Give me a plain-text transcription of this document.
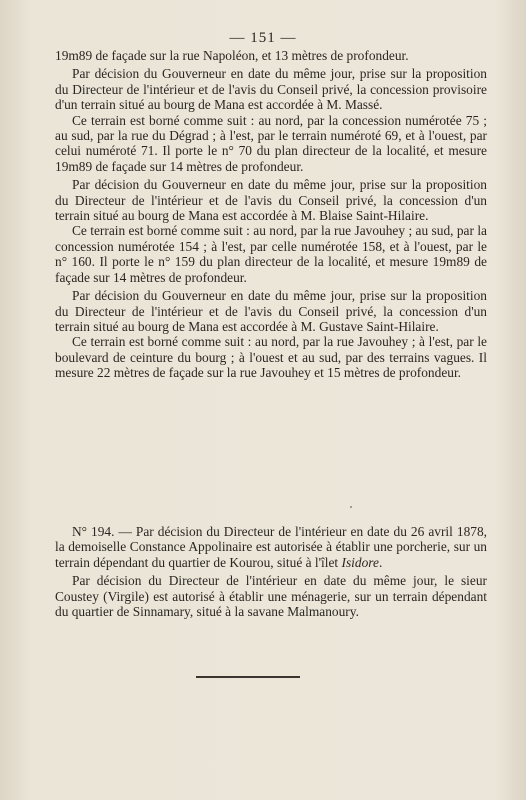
— 151 —

19m89 de façade sur la rue Napoléon, et 13 mètres de profondeur.

Par décision du Gouverneur en date du même jour, prise sur la proposition du Directeur de l'intérieur et de l'avis du Conseil privé, la concession provisoire d'un terrain situé au bourg de Mana est accordée à M. Massé.

Ce terrain est borné comme suit : au nord, par la concession numérotée 75 ; au sud, par la rue du Dégrad ; à l'est, par le terrain numéroté 69, et à l'ouest, par celui numéroté 71. Il porte le n° 70 du plan directeur de la localité, et mesure 19m89 de façade sur 14 mètres de profondeur.

Par décision du Gouverneur en date du même jour, prise sur la proposition du Directeur de l'intérieur et de l'avis du Conseil privé, la concession d'un terrain situé au bourg de Mana est accordée à M. Blaise Saint-Hilaire.

Ce terrain est borné comme suit : au nord, par la rue Javouhey ; au sud, par la concession numérotée 154 ; à l'est, par celle numérotée 158, et à l'ouest, par le n° 160. Il porte le n° 159 du plan directeur de la localité, et mesure 19m89 de façade sur 14 mètres de profondeur.

Par décision du Gouverneur en date du même jour, prise sur la proposition du Directeur de l'intérieur et de l'avis du Conseil privé, la concession d'un terrain situé au bourg de Mana est accordée à M. Gustave Saint-Hilaire.

Ce terrain est borné comme suit : au nord, par la rue Javouhey ; à l'est, par le boulevard de ceinture du bourg ; à l'ouest et au sud, par des terrains vagues. Il mesure 22 mètres de façade sur la rue Javouhey et 15 mètres de profondeur.

N° 194. — Par décision du Directeur de l'intérieur en date du 26 avril 1878, la demoiselle Constance Appolinaire est autorisée à établir une porcherie, sur un terrain dépendant du quartier de Kourou, situé à l'îlet Isidore.

Par décision du Directeur de l'intérieur en date du même jour, le sieur Coustey (Virgile) est autorisé à établir une ménagerie, sur un terrain dépendant du quartier de Sinnamary, situé à la savane Malmanoury.
